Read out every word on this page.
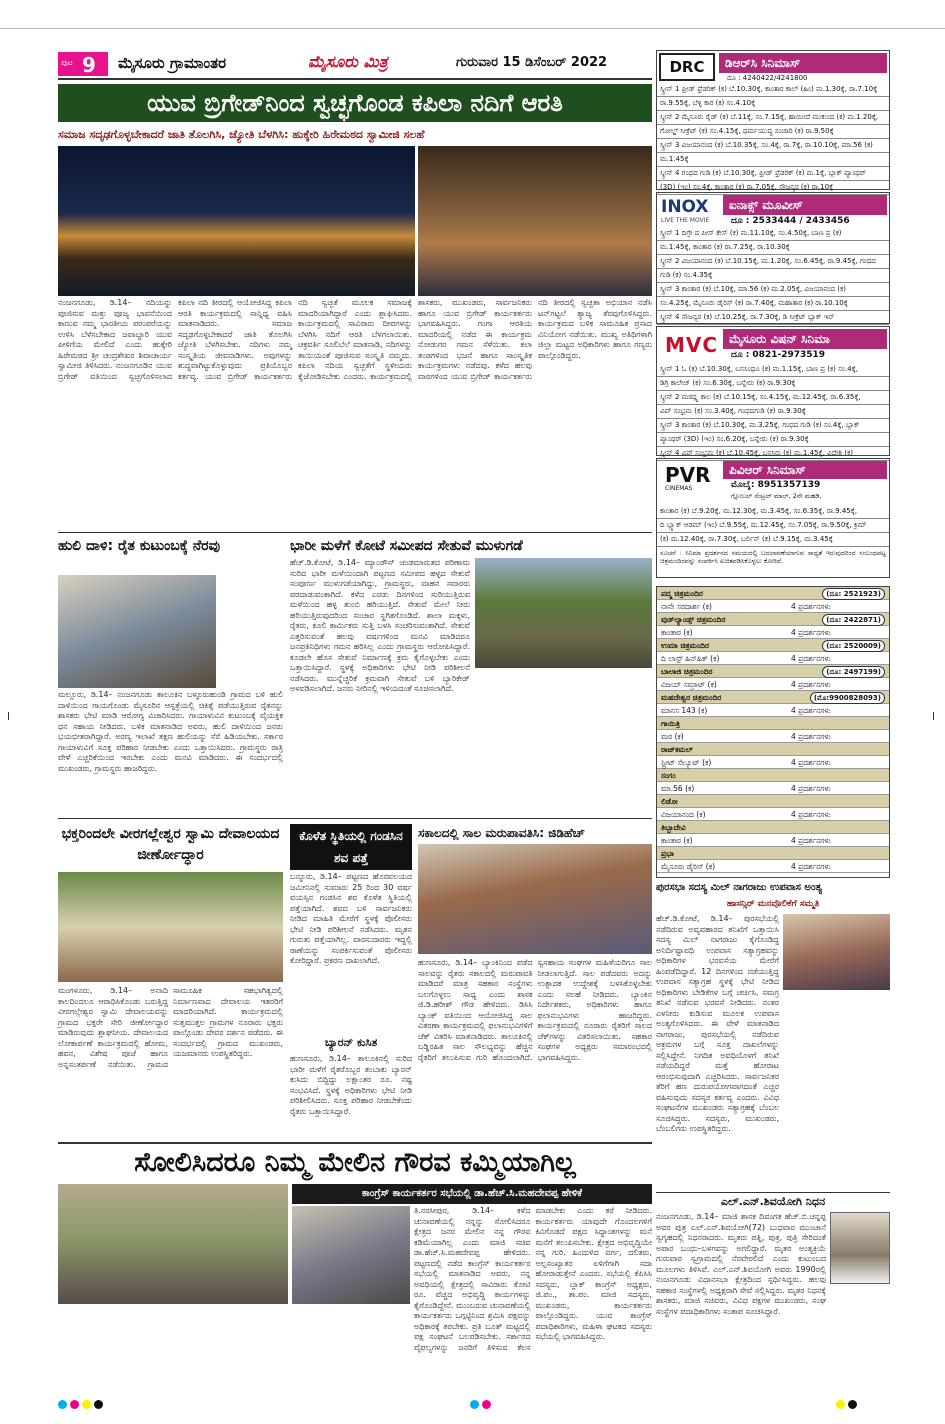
ಪುಟ 9 ಮೈಸೂರು ಗ್ರಾಮಾಂತರ	ಮೈಸೂರು ಮಿತ್ರ	ಗುರುವಾರ 15 ಡಿಸೆಂಬರ್ 2022
ಯುವ ಬ್ರಿಗೇಡ್‌ನಿಂದ ಸ್ವಚ್ಛಗೊಂಡ ಕಪಿಲಾ ನದಿಗೆ ಆರತಿ
ಸಮಾಜ ಸದೃಢಗೊಳ್ಳಬೇಕಾದರೆ ಜಾತಿ ತೊಲಗಿಸಿ, ಜ್ಯೋತಿ ಬೆಳಗಿಸಿ: ಹುಕ್ಕೇರಿ ಹಿರೇಮಠದ ಸ್ವಾಮೀಜಿ ಸಲಹೆ
ನಂಜನಗೂಡು, ಡಿ.14– ನದಿಯನ್ನು ಪೂಜಿಸುವ ಮತ್ತು ಪೂಜ್ಯ ಭಾವನೆಯಿಂದ ಕಾಣುವ ನಮ್ಮ ಭಾರತೀಯ ಪರಂಪರೆಯನ್ನು ಉಳಿಸಿ ಬೆಳೆಸಬೇಕಾದ ಜವಾಬ್ದಾರಿ ಯುವ ಪೀಳಿಗೆಯ ಮೇಲಿದೆ ಎಂದು ಹುಕ್ಕೇರಿ ಹಿರೇಮಠದ ಶ್ರೀ ಚಂದ್ರಶೇಖರ ಶಿವಾಚಾರ್ಯ ಸ್ವಾಮೀಜಿ ತಿಳಿಸಿದರು. ನಂಜನಗೂಡಿನ ಯುವ ಬ್ರಿಗೇಡ್ ವತಿಯಿಂದ ಸ್ವಚ್ಛಗೊಳಿಸಲಾದ ಕಪಿಲಾ ನದಿ ತೀರದಲ್ಲಿ ಆಯೋಜಿಸಿದ್ದ ಕಪಿಲಾ ಆರತಿ ಕಾರ್ಯಕ್ರಮದಲ್ಲಿ ಸಾನ್ನಿಧ್ಯ ವಹಿಸಿ ಮಾತನಾಡಿದರು. ಸಮಾಜ ಸದೃಢಗೊಳ್ಳಬೇಕಾದರೆ ಜಾತಿ ತೊಲಗಿಸಿ ಜ್ಯೋತಿ ಬೆಳಗಿಸಬೇಕು. ನದಿಗಳು ನಮ್ಮ ಸಂಸ್ಕೃತಿಯ ಜೀವನಾಡಿಗಳು. ಅವುಗಳನ್ನು ಶುದ್ಧವಾಗಿಟ್ಟುಕೊಳ್ಳುವುದು ಪ್ರತಿಯೊಬ್ಬರ ಕರ್ತವ್ಯ. ಯುವ ಬ್ರಿಗೇಡ್ ಕಾರ್ಯಕರ್ತರು ನದಿ ಸ್ವಚ್ಛತೆ ಮೂಲಕ ಸಮಾಜಕ್ಕೆ ಮಾದರಿಯಾಗಿದ್ದಾರೆ ಎಂದು ಶ್ಲಾಘಿಸಿದರು. ಕಾರ್ಯಕ್ರಮದಲ್ಲಿ ಸಾವಿರಾರು ದೀಪಗಳನ್ನು ಬೆಳಗಿಸಿ ನದಿಗೆ ಆರತಿ ಬೆಳಗಲಾಯಿತು. ಚಕ್ರವರ್ತಿ ಸೂಲಿಬೆಲೆ ಮಾತನಾಡಿ, ನದಿಗಳನ್ನು ತಾಯಿಯಂತೆ ಪೂಜಿಸುವ ಸಂಸ್ಕೃತಿ ನಮ್ಮದು. ಕಪಿಲಾ ನದಿಯ ಸ್ವಚ್ಛತೆಗೆ ಸ್ಥಳೀಯರು ಕೈಜೋಡಿಸಬೇಕು ಎಂದರು. ಕಾರ್ಯಕ್ರಮದಲ್ಲಿ ಶಾಸಕರು, ಮುಖಂಡರು, ಸಾರ್ವಜನಿಕರು ಹಾಗೂ ಯುವ ಬ್ರಿಗೇಡ್ ಕಾರ್ಯಕರ್ತರು ಭಾಗವಹಿಸಿದ್ದರು. ಗಂಗಾ ಆರತಿಯ ಮಾದರಿಯಲ್ಲಿ ನಡೆದ ಈ ಕಾರ್ಯಕ್ರಮ ನೋಡುಗರ ಗಮನ ಸೆಳೆಯಿತು. ಕಲಾ ತಂಡಗಳಿಂದ ಭಜನೆ ಹಾಗೂ ಸಾಂಸ್ಕೃತಿಕ ಕಾರ್ಯಕ್ರಮಗಳು ನಡೆದವು. ಕಳೆದ ಹಲವು ವಾರಗಳಿಂದ ಯುವ ಬ್ರಿಗೇಡ್ ಕಾರ್ಯಕರ್ತರು ನದಿ ತೀರದಲ್ಲಿ ಸ್ವಚ್ಛತಾ ಅಭಿಯಾನ ನಡೆಸಿ ಟನ್‌ಗಟ್ಟಲೆ ತ್ಯಾಜ್ಯ ತೆರವುಗೊಳಿಸಿದ್ದರು. ಕಾರ್ಯಕ್ರಮದ ಬಳಿಕ ಸಾಮೂಹಿಕ ಪ್ರಸಾದ ವಿನಿಯೋಗ ನಡೆಯಿತು. ಮುಖ್ಯ ಅತಿಥಿಗಳಾಗಿ ಜಿಲ್ಲಾ ಮಟ್ಟದ ಅಧಿಕಾರಿಗಳು ಹಾಗೂ ಗಣ್ಯರು ಪಾಲ್ಗೊಂಡಿದ್ದರು.
ಹುಲಿ ದಾಳಿ: ರೈತ ಕುಟುಂಬಕ್ಕೆ ನೆರವು
ಮಲ್ಲೂರು, ಡಿ.14– ನಂಜನಗೂಡು ತಾಲೂಕಿನ ಬಳ್ಳೂರುಹುಂಡಿ ಗ್ರಾಮದ ಬಳಿ ಹುಲಿ ದಾಳಿಯಿಂದ ಗಾಯಗೊಂಡು ಮೈಸೂರಿನ ಆಸ್ಪತ್ರೆಯಲ್ಲಿ ಚಿಕಿತ್ಸೆ ಪಡೆಯುತ್ತಿರುವ ರೈತನನ್ನು ಶಾಸಕರು ಭೇಟಿ ಮಾಡಿ ಆರೋಗ್ಯ ವಿಚಾರಿಸಿದರು. ಗಾಯಾಳುವಿನ ಕುಟುಂಬಕ್ಕೆ ವೈಯಕ್ತಿಕ ಧನ ಸಹಾಯ ನೀಡಿದರು. ಬಳಿಕ ಮಾತನಾಡಿದ ಅವರು, ಹುಲಿ ದಾಳಿಯಿಂದ ಜನರು ಭಯಭೀತರಾಗಿದ್ದಾರೆ. ಅರಣ್ಯ ಇಲಾಖೆ ತಕ್ಷಣ ಹುಲಿಯನ್ನು ಸೆರೆ ಹಿಡಿಯಬೇಕು. ಸರ್ಕಾರ ಗಾಯಾಳುವಿಗೆ ಸೂಕ್ತ ಪರಿಹಾರ ನೀಡಬೇಕು ಎಂದು ಒತ್ತಾಯಿಸಿದರು. ಗ್ರಾಮಸ್ಥರು ರಾತ್ರಿ ವೇಳೆ ಎಚ್ಚರಿಕೆಯಿಂದ ಇರಬೇಕು ಎಂದು ಮನವಿ ಮಾಡಿದರು. ಈ ಸಂದರ್ಭದಲ್ಲಿ ಮುಖಂಡರು, ಗ್ರಾಮಸ್ಥರು ಹಾಜರಿದ್ದರು.
ಭಾರೀ ಮಳೆಗೆ ಕೋಟೆ ಸಮೀಪದ ಸೇತುವೆ ಮುಳುಗಡೆ
ಹೆಚ್.ಡಿ.ಕೋಟೆ, ಡಿ.14– ಮ್ಯಾಂಡೌಸ್ ಚಂಡಮಾರುತದ ಪರಿಣಾಮ ಸುರಿದ ಭಾರೀ ಮಳೆಯಿಂದಾಗಿ ಪಟ್ಟಣದ ಸಮೀಪದ ಹಳ್ಳದ ಸೇತುವೆ ಸಂಪೂರ್ಣ ಮುಳುಗಡೆಯಾಗಿದ್ದು, ಗ್ರಾಮಸ್ಥರು, ವಾಹನ ಸವಾರರು ಪರದಾಡುವಂತಾಗಿದೆ. ಕಳೆದ ಎರಡು ದಿನಗಳಿಂದ ಸುರಿಯುತ್ತಿರುವ ಮಳೆಯಿಂದ ಹಳ್ಳ ತುಂಬಿ ಹರಿಯುತ್ತಿದೆ. ಸೇತುವೆ ಮೇಲೆ ನೀರು ಹರಿಯುತ್ತಿರುವುದರಿಂದ ಸಂಚಾರ ಸ್ಥಗಿತಗೊಂಡಿದೆ. ಶಾಲಾ ಮಕ್ಕಳು, ರೈತರು, ಕೂಲಿ ಕಾರ್ಮಿಕರು ಸುತ್ತಿ ಬಳಸಿ ಸಂಚರಿಸುವಂತಾಗಿದೆ. ಸೇತುವೆ ಎತ್ತರಿಸುವಂತೆ ಹಲವು ವರ್ಷಗಳಿಂದ ಮನವಿ ಮಾಡಿದರೂ ಜನಪ್ರತಿನಿಧಿಗಳು ಗಮನ ಹರಿಸಿಲ್ಲ ಎಂದು ಗ್ರಾಮಸ್ಥರು ಆರೋಪಿಸಿದ್ದಾರೆ. ಕೂಡಲೇ ಹೊಸ ಸೇತುವೆ ನಿರ್ಮಾಣಕ್ಕೆ ಕ್ರಮ ಕೈಗೊಳ್ಳಬೇಕು ಎಂದು ಒತ್ತಾಯಿಸಿದ್ದಾರೆ. ಸ್ಥಳಕ್ಕೆ ಅಧಿಕಾರಿಗಳು ಭೇಟಿ ನೀಡಿ ಪರಿಶೀಲನೆ ನಡೆಸಿದರು. ಮುನ್ನೆಚ್ಚರಿಕೆ ಕ್ರಮವಾಗಿ ಸೇತುವೆ ಬಳಿ ಬ್ಯಾರಿಕೇಡ್ ಅಳವಡಿಸಲಾಗಿದೆ. ಜನರು ನೀರಿನಲ್ಲಿ ಇಳಿಯದಂತೆ ಸೂಚಿಸಲಾಗಿದೆ.
ಭಕ್ತರಿಂದಲೇ ವೀರಗಲ್ಲೇಶ್ವರ ಸ್ವಾಮಿ ದೇವಾಲಯದ ಜೀರ್ಣೋದ್ಧಾರ
ಮಂಗಳೂರು, ಡಿ.14– ಅನಾದಿ ಕಾಲದಿಂದಲೂ ಆರಾಧಿಸಿಕೊಂಡು ಬರುತ್ತಿದ್ದ ವೀರಗಲ್ಲೇಶ್ವರ ಸ್ವಾಮಿ ದೇವಾಲಯವನ್ನು ಗ್ರಾಮದ ಭಕ್ತರೇ ಸೇರಿ ಜೀರ್ಣೋದ್ಧಾರ ಮಾಡಿರುವುದು ಶ್ಲಾಘನೀಯ. ದೇವಾಲಯದ ಲೋಕಾರ್ಪಣೆ ಕಾರ್ಯಕ್ರಮದಲ್ಲಿ ಹೋಮ, ಹವನ, ವಿಶೇಷ ಪೂಜೆ ಹಾಗೂ ಅನ್ನಸಂತರ್ಪಣೆ ನಡೆಯಿತು. ಗ್ರಾಮದ ಸಾಮೂಹಿಕ ಸಹಭಾಗಿತ್ವದಲ್ಲಿ ನಿರ್ಮಾಣವಾದ ದೇವಾಲಯ ಇತರರಿಗೆ ಮಾದರಿಯಾಗಿದೆ. ಕಾರ್ಯಕ್ರಮದಲ್ಲಿ ಸುತ್ತಮುತ್ತಲ ಗ್ರಾಮಗಳ ನೂರಾರು ಭಕ್ತರು ಪಾಲ್ಗೊಂಡು ದೇವರ ದರ್ಶನ ಪಡೆದರು. ಈ ಸಂದರ್ಭದಲ್ಲಿ ಗ್ರಾಮದ ಮುಖಂಡರು, ಯಜಮಾನರು ಉಪಸ್ಥಿತರಿದ್ದರು.
ಕೊಳೆತ ಸ್ಥಿತಿಯಲ್ಲಿ ಗಂಡಸಿನ ಶವ ಪತ್ತೆ
ಬನ್ನೂರು, ಡಿ.14– ಪಟ್ಟಣದ ಹೊರವಲಯದ ಜಮೀನಿನಲ್ಲಿ ಸುಮಾರು 25 ರಿಂದ 30 ವರ್ಷ ವಯಸ್ಸಿನ ಗಂಡಸಿನ ಶವ ಕೊಳೆತ ಸ್ಥಿತಿಯಲ್ಲಿ ಪತ್ತೆಯಾಗಿದೆ. ಶವದ ಬಳಿ ಸಾರ್ವಜನಿಕರು ನೀಡಿದ ಮಾಹಿತಿ ಮೇರೆಗೆ ಸ್ಥಳಕ್ಕೆ ಪೊಲೀಸರು ಭೇಟಿ ನೀಡಿ ಪರಿಶೀಲನೆ ನಡೆಸಿದರು. ಮೃತನ ಗುರುತು ಪತ್ತೆಯಾಗಿಲ್ಲ. ವಾರಸುದಾರರು ಇದ್ದಲ್ಲಿ ಠಾಣೆಯನ್ನು ಸಂಪರ್ಕಿಸುವಂತೆ ಪೊಲೀಸರು ಕೋರಿದ್ದಾರೆ. ಪ್ರಕರಣ ದಾಖಲಾಗಿದೆ.
ಬ್ಯಾರನ್ ಕುಸಿತ
ಹುಣಸೂರು, ಡಿ.14– ತಾಲೂಕಿನಲ್ಲಿ ಸುರಿದ ಭಾರೀ ಮಳೆಗೆ ರೈತರೊಬ್ಬರ ತಂಬಾಕು ಬ್ಯಾರನ್ ಕುಸಿದು ಬಿದ್ದಿದ್ದು ಲಕ್ಷಾಂತರ ರೂ. ನಷ್ಟ ಸಂಭವಿಸಿದೆ. ಸ್ಥಳಕ್ಕೆ ಅಧಿಕಾರಿಗಳು ಭೇಟಿ ನೀಡಿ ಪರಿಶೀಲಿಸಿದರು. ಸೂಕ್ತ ಪರಿಹಾರ ನೀಡಬೇಕೆಂದು ರೈತರು ಒತ್ತಾಯಿಸಿದ್ದಾರೆ.
ಸಕಾಲದಲ್ಲಿ ಸಾಲ ಮರುಪಾವತಿಸಿ: ಜಿಡಿಹೆಚ್
ಹುಣಸೂರು, ಡಿ.14– ಬ್ಯಾಂಕಿನಿಂದ ಪಡೆದ ಸಾಲವನ್ನು ರೈತರು ಸಕಾಲದಲ್ಲಿ ಮರುಪಾವತಿ ಮಾಡಿದರೆ ಮಾತ್ರ ಸಹಕಾರ ಸಂಸ್ಥೆಗಳು ಬಲಗೊಳ್ಳಲು ಸಾಧ್ಯ ಎಂದು ಶಾಸಕ ಜಿ.ಡಿ.ಹರೀಶ್ ಗೌಡ ಹೇಳಿದರು. ಡಿಸಿಸಿ ಬ್ಯಾಂಕ್ ವತಿಯಿಂದ ಆಯೋಜಿಸಿದ್ದ ಸಾಲ ವಿತರಣಾ ಕಾರ್ಯಕ್ರಮದಲ್ಲಿ ಫಲಾನುಭವಿಗಳಿಗೆ ಚೆಕ್ ವಿತರಿಸಿ ಮಾತನಾಡಿದರು. ತಾಲೂಕಿನಲ್ಲಿ ಬಡ್ಡಿರಹಿತ ಸಾಲ ಸೌಲಭ್ಯವನ್ನು ಹೆಚ್ಚಿನ ರೈತರಿಗೆ ತಲುಪಿಸುವ ಗುರಿ ಹೊಂದಲಾಗಿದೆ. ಸ್ವಸಹಾಯ ಸಂಘಗಳ ಮಹಿಳೆಯರಿಗೂ ಸಾಲ ನೀಡಲಾಗುತ್ತಿದೆ. ಸಾಲ ಪಡೆದವರು ಅದನ್ನು ಉತ್ಪಾದಕ ಉದ್ದೇಶಕ್ಕೆ ಬಳಸಿಕೊಳ್ಳಬೇಕು ಎಂದು ಸಲಹೆ ನೀಡಿದರು. ಬ್ಯಾಂಕಿನ ನಿರ್ದೇಶಕರು, ಅಧಿಕಾರಿಗಳು ಹಾಗೂ ಫಲಾನುಭವಿಗಳು ಹಾಜರಿದ್ದರು. ಕಾರ್ಯಕ್ರಮದಲ್ಲಿ ನೂರಾರು ರೈತರಿಗೆ ಸಾಲದ ಚೆಕ್‌ಗಳನ್ನು ವಿತರಿಸಲಾಯಿತು. ಸಹಕಾರ ಸಂಘಗಳ ಅಧ್ಯಕ್ಷರು ಸಮಾರಂಭದಲ್ಲಿ ಭಾಗವಹಿಸಿದ್ದರು.
ಸೋಲಿಸಿದರೂ ನಿಮ್ಮ ಮೇಲಿನ ಗೌರವ ಕಮ್ಮಿಯಾಗಿಲ್ಲ
ಕಾಂಗ್ರೆಸ್ ಕಾರ್ಯಕರ್ತರ ಸಭೆಯಲ್ಲಿ ಡಾ.ಹೆಚ್.ಸಿ.ಮಹದೇವಪ್ಪ ಹೇಳಿಕೆ
ತಿ.ನರಸೀಪುರ, ಡಿ.14– ಕಳೆದ ಚುನಾವಣೆಯಲ್ಲಿ ನನ್ನನ್ನು ಸೋಲಿಸಿದರೂ ಕ್ಷೇತ್ರದ ಜನರ ಮೇಲಿನ ನನ್ನ ಗೌರವ ಕಡಿಮೆಯಾಗಿಲ್ಲ ಎಂದು ಮಾಜಿ ಸಚಿವ ಡಾ.ಹೆಚ್.ಸಿ.ಮಹದೇವಪ್ಪ ಹೇಳಿದರು. ಪಟ್ಟಣದಲ್ಲಿ ನಡೆದ ಕಾಂಗ್ರೆಸ್ ಕಾರ್ಯಕರ್ತರ ಸಭೆಯಲ್ಲಿ ಮಾತನಾಡಿದ ಅವರು, ನನ್ನ ಅವಧಿಯಲ್ಲಿ ಕ್ಷೇತ್ರದಲ್ಲಿ ಸಾವಿರಾರು ಕೋಟಿ ರೂ. ವೆಚ್ಚದ ಅಭಿವೃದ್ಧಿ ಕಾರ್ಯಗಳನ್ನು ಕೈಗೊಂಡಿದ್ದೇನೆ. ಮುಂಬರುವ ಚುನಾವಣೆಯಲ್ಲಿ ಕಾರ್ಯಕರ್ತರು ಒಗ್ಗಟ್ಟಿನಿಂದ ಶ್ರಮಿಸಿ ಪಕ್ಷವನ್ನು ಅಧಿಕಾರಕ್ಕೆ ತರಬೇಕು. ಪ್ರತಿ ಬೂತ್ ಮಟ್ಟದಲ್ಲಿ ಪಕ್ಷ ಸಂಘಟನೆ ಬಲಪಡಿಸಬೇಕು. ಸರ್ಕಾರದ ವೈಫಲ್ಯಗಳನ್ನು ಜನರಿಗೆ ತಿಳಿಸುವ ಕೆಲಸ ಮಾಡಬೇಕು ಎಂದು ಕರೆ ನೀಡಿದರು. ಕಾರ್ಯಕರ್ತರು ಯಾವುದೇ ಗೊಂದಲಗಳಿಗೆ ಕಿವಿಗೊಡದೆ ಪಕ್ಷದ ಸಿದ್ಧಾಂತಗಳನ್ನು ಮನೆ ಮನೆಗೆ ತಲುಪಿಸಬೇಕು. ಕ್ಷೇತ್ರದ ಅಭಿವೃದ್ಧಿಯೇ ನನ್ನ ಗುರಿ. ಹಿಂದುಳಿದ ವರ್ಗ, ದಲಿತರು, ಅಲ್ಪಸಂಖ್ಯಾತರ ಏಳಿಗೆಗಾಗಿ ಸದಾ ಹೋರಾಡುತ್ತೇನೆ ಎಂದರು. ಸಭೆಯಲ್ಲಿ ಕೆಪಿಸಿಸಿ ಸದಸ್ಯರು, ಬ್ಲಾಕ್ ಕಾಂಗ್ರೆಸ್ ಅಧ್ಯಕ್ಷರು, ಜಿ.ಪಂ., ತಾ.ಪಂ. ಮಾಜಿ ಸದಸ್ಯರು, ಮುಖಂಡರು, ಕಾರ್ಯಕರ್ತರು ಪಾಲ್ಗೊಂಡಿದ್ದರು. ಯುವ ಕಾಂಗ್ರೆಸ್ ಪದಾಧಿಕಾರಿಗಳು, ಮಹಿಳಾ ಘಟಕದ ಸದಸ್ಯರು ಸಭೆಯಲ್ಲಿ ಭಾಗವಹಿಸಿದ್ದರು.
DRC	ಡಿಆರ್‌ಸಿ ಸಿನಿಮಾಸ್
ದೂ : 4240422/4241800
ಸ್ಕ್ರೀನ್ 1 ಫ್ರೀಡ್ ಫ್ರೆಡರಿಕ್ (ಕ) ಬೆ.10.30ಕ್ಕೆ, ಕಾಂತಾರ ಕಾಲ್ (ಹಿಂ) ಮ.1.30ಕ್ಕೆ, ರಾ.7.10ಕ್ಕೆ
ರಾ.9.55ಕ್ಕೆ, ಬೆಳ್ಳಿ ಕಾರ (ಕ) ಸಂ.4.10ಕ್ಕೆ
ಸ್ಕ್ರೀನ್ 2 ಮೈಸೂರು ರೈಡ್ (ಕ) ಬೆ.11ಕ್ಕೆ, ಸಂ.7.15ಕ್ಕೆ, ಹಾಯೀದೆ ಮುಕುಂದ (ಕ) ಮ.1.20ಕ್ಕೆ,
ಗೋಲ್ಡ್ ಸೀಕ್ರೆಟ್ (ಕ) ಸಂ.4.15ಕ್ಕೆ, ಧರ್ಮಯುದ್ಧ ಸಂಚಾರಿ (ಕ) ರಾ.9.50ಕ್ಕೆ
ಸ್ಕ್ರೀನ್ 3 ವಿಜಯಾನಂದ (ಕ) ಬೆ.10.35ಕ್ಕೆ, ಸಂ.4ಕ್ಕೆ, ರಾ.7ಕ್ಕೆ, ರಾ.10.10ಕ್ಕೆ, ಮಾ.56 (ಕ)
ಮ.1.45ಕ್ಕೆ
ಸ್ಕ್ರೀನ್ 4 ಗಂಧದ ಗುಡಿ (ಕ) ಬೆ.10.30ಕ್ಕೆ, ಫ್ರೀಡ್ ಫ್ರೆಡರಿಕ್ (ಕ) ಮ.1ಕ್ಕೆ, ಬ್ಲಾಕ್ ಪ್ಯಾಂಥರ್
(3D) (ಇಂ) ಸಂ.4ಕ್ಕೆ, ಕಾಂತಾರ (ಕ) ರಾ.7.05ಕ್ಕೆ, ಸೌಜನ್ಯರ (ಕ) ರಾ.10ಕ್ಕೆ
INOX
LIVE THE MOVIE
ಐನಾಕ್ಸ್ ಮೂವೀಸ್
ದೂ : 2533444 / 2433456
ಸ್ಕ್ರೀನ್ 1 ದಿಗ್ರೇ ದ ಪೀಸ್ ಕೇಸ್ (ಕ) ಮ.11.10ಕ್ಕೆ, ಸಂ.4.50ಕ್ಕೆ, ಬಾಣ ಪ್ರ (ಕ)
ಮ.1.45ಕ್ಕೆ, ಕಾಂತಾರ (ಕ) ರಾ.7.25ಕ್ಕೆ, ರಾ.10.30ಕ್ಕೆ
ಸ್ಕ್ರೀನ್ 2 ವಿಜಯಾನಂದ (ಕ) ಬೆ.10.15ಕ್ಕೆ, ಮ.1.20ಕ್ಕೆ, ಸಂ.6.45ಕ್ಕೆ, ರಾ.9.45ಕ್ಕೆ, ಗಂಧದ
ಗುಡಿ (ಕ) ಸಂ.4.35ಕ್ಕೆ
ಸ್ಕ್ರೀನ್ 3 ಕಾಂತಾರ (ಕ) ಬೆ.10ಕ್ಕೆ, ಮಾ.56 (ಕ) ಮ.2.05ಕ್ಕೆ, ವಿಜಯಾನಂದ (ಕ)
ಸಂ.4.25ಕ್ಕೆ, ಮೈಸೂರು ಡೈರಿಸ್ (ಕ) ರಾ.7.40ಕ್ಕೆ, ಮಹಾತಾರ (ಕ) ರಾ.10.10ಕ್ಕೆ
ಸ್ಕ್ರೀನ್ 4 ಸೌಜನ್ಯರ (ಕ) ಬೆ.10.25ಕ್ಕೆ, ರಾ.7.30ಕ್ಕೆ, ಡಿ ಸೀಕ್ರೆಟ್ ಬ್ಲಾಕ್ ಇನ್
MVC ಮೈಸೂರು ವಿಷನ್ ಸಿನಿಮಾ
ದೂ : 0821-2973519
ಸ್ಕ್ರೀನ್ 1 ಓ (ಕ) ಬೆ.10.30ಕ್ಕೆ, ಬನಸಿಂಧೂ (ಕ) ಮ.1.15ಕ್ಕೆ, ಬಾಣ ಪ್ರ (ಕ) ಸಂ.4ಕ್ಕೆ,
ಡಿಗ್ರಿ ಕಾಲೇಜ್ (ಕ) ಸಂ.6.30ಕ್ಕೆ, ಬನ್ನೇರು (ಕ) ರಾ.9.30ಕ್ಕೆ
ಸ್ಕ್ರೀನ್ 2 ಮಠದ್ಲ್ಪ ಕಾಲ (ಕ) ಬೆ.10.15ಕ್ಕೆ, ಸಂ.4.15ಕ್ಕೆ, ಮ.12.45ಕ್ಕೆ, ರಾ.6.35ಕ್ಕೆ,
ವಿಪ್ ಸಂಭ್ರಮ (ಕ) ಸಂ.3.40ಕ್ಕೆ, ಗಂಧದಗುಡಿ (ಕ) ರಾ.9.30ಕ್ಕೆ
ಸ್ಕ್ರೀನ್ 3 ಕಾಂತಾರ (ಕ) ಬೆ.10.30ಕ್ಕೆ, ಮ.3.25ಕ್ಕೆ, ಗಂಧದ ಗುಡಿ (ಕ) ಸಂ.4ಕ್ಕೆ, ಬ್ಲಾಕ್
ಪ್ಯಾಂಥರ್ (3D) (ಇಂ) ಸಂ.6.20ಕ್ಕೆ, ಬನ್ನೇರು (ಕ) ರಾ.9.30ಕ್ಕೆ
ಸ್ಕ್ರೀನ್ 4 ವಿಪ್ ಸಂಭ್ರಮ (ಕ) ಬೆ.10.45ಕ್ಕೆ, ಬನಸಿರು (ಕ) ಮ.1.45ಕ್ಕೆ, ವಿದೇಶಿ (ಕ)
PVR
CINEMAS
ಪಿವಿಆರ್ ಸಿನಿಮಾಸ್
ಮೊಬೈ: 8951357139
ಗ್ಲೋಬಲ್ ಸೆಂಟ್ರಲ್ ಮಾಲ್, 2ನೇ ಮಹಡಿ,
ಕಾಂತಾರ (ಕ) ಬೆ.9.20ಕ್ಕೆ, ಮ.12.30ಕ್ಕೆ, ಮ.3.45ಕ್ಕೆ, ಸಂ.6.35ಕ್ಕೆ, ರಾ.9.45ಕ್ಕೆ,
ದಿ ಬ್ಲ್ಯಾಕ್ ಆಡಮ್ (ಇಂ) ಬೆ.9.55ಕ್ಕೆ, ಮ.12.45ಕ್ಕೆ, ಸಂ.7.05ಕ್ಕೆ, ರಾ.9.50ಕ್ಕೆ, ಕ್ರಿಮ್
(ಕ) ಮ.12.40ಕ್ಕೆ, ರಾ.7.30ಕ್ಕೆ, ಬರ್ಲಿನ್ (ಕ) ಬೆ.9.15ಕ್ಕೆ, ಮ.3.45ಕ್ಕೆ
ಸೂಚನೆ : ಸಿನಿಮಾ ಪ್ರದರ್ಶನದ ಸಮಯದಲ್ಲಿ ಬದಲಾವಣೆಯಾಗುವ ಸಾಧ್ಯತೆ ಇರುವುದರಿಂದ ಸಂಬಂಧಪಟ್ಟ ಚಿತ್ರಮಂದಿರವನ್ನು ಸಂಪರ್ಕಿಸಿ ಖಚಿತಪಡಿಸಿಕೊಳ್ಳಲು ಕೋರಿದೆ.
ಪದ್ಮ ಚಿತ್ರಮಂದಿರ	(ದೂ: 2521923)
ನಾನೇ ಸರದಾರ್ಶ (ಕ)	4 ಪ್ರದರ್ಶನಗಳು
ವುಡ್‌ಲ್ಯಾಂಡ್ಸ್ ಚಿತ್ರಮಂದಿರ	(ದೂ: 2422871)
ಕಾಂತಾರ (ಕ)	4 ಪ್ರದರ್ಶನಗಳು
ಉಮಾ ಚಿತ್ರಮಂದಿರ	(ದೂ: 2520009)
ದಿ ಲಾಸ್ಟ್ ಹಿನ್‌ಹಿಕ್ (ಕ)	4 ಪ್ರದರ್ಶನಗಳು
ಬಾಲಾಜಿ ಚಿತ್ರಮಂದಿರ	(ದೂ: 2497199)
ವಿಜಯ್ ಸಮ್ರಾಟ್ (ಕ)	4 ಪ್ರದರ್ಶನಗಳು
ಮಹದೇಶ್ವರ ಚಿತ್ರಮಂದಿರ	(ಮೊ:9900828093)
ಮಾನಸ 143 (ಕ)	4 ಪ್ರದರ್ಶನಗಳು
ಗಾಯಿತ್ರಿ
ಮಠ (ಕ)	4 ಪ್ರದರ್ಶನಗಳು
ರಾಜ್‌ಕಮಲ್
ಸ್ಟ್ರೀಟ್ ಸೆಲ್ಯೂಟ್ (ಕ)	4 ಪ್ರದರ್ಶನಗಳು
ಸಂಗಂ
ಮಾ.56 (ಕ)	4 ಪ್ರದರ್ಶನಗಳು
ಲಿಡೋ
ವಿಜಯಾನಂದ (ಕ)	4 ಪ್ರದರ್ಶನಗಳು
ತಿಬ್ಬಾದೇವಿ
ಕಾಂತಾರ (ಕ)	4 ಪ್ರದರ್ಶನಗಳು
ಪ್ರಭಾ
ಮೈಸೂರು ಡೈರಿಸ್ (ಕ)	4 ಪ್ರದರ್ಶನಗಳು
ಪುರಸಭಾ ಸದಸ್ಯ ಮಿಲ್ ನಾಗರಾಜು ಉಪವಾಸ ಅಂತ್ಯ
ಹಾಸನ್ಸಿರ್ ಮನವೊಲಿಕೆಗೆ ಸಮ್ಮತಿ
ಹೆಚ್.ಡಿ.ಕೋಟೆ, ಡಿ.14– ಪುರಸಭೆಯಲ್ಲಿ ನಡೆದಿರುವ ಅವ್ಯವಹಾರದ ತನಿಖೆಗೆ ಒತ್ತಾಯಿಸಿ ಸದಸ್ಯ ಮಿಲ್ ನಾಗರಾಜು ಕೈಗೊಂಡಿದ್ದ ಅನಿರ್ದಿಷ್ಟಾವಧಿ ಉಪವಾಸ ಸತ್ಯಾಗ್ರಹವನ್ನು ಅಧಿಕಾರಿಗಳ ಭರವಸೆಯ ಮೇರೆಗೆ ಹಿಂಪಡೆದಿದ್ದಾರೆ. 12 ದಿನಗಳಿಂದ ನಡೆಯುತ್ತಿದ್ದ ಉಪವಾಸ ಸತ್ಯಾಗ್ರಹ ಸ್ಥಳಕ್ಕೆ ಭೇಟಿ ನೀಡಿದ ಅಧಿಕಾರಿಗಳು ಬೇಡಿಕೆಗಳ ಬಗ್ಗೆ ಚರ್ಚಿಸಿ, ಸಮಗ್ರ ತನಿಖೆ ನಡೆಸುವ ಭರವಸೆ ನೀಡಿದರು. ನಂತರ ಎಳನೀರು ಕುಡಿಸುವ ಮೂಲಕ ಉಪವಾಸ ಅಂತ್ಯಗೊಳಿಸಿದರು. ಈ ವೇಳೆ ಮಾತನಾಡಿದ ನಾಗರಾಜು, ಪುರಸಭೆಯಲ್ಲಿ ನಡೆದಿರುವ ಅಕ್ರಮಗಳ ಬಗ್ಗೆ ಸೂಕ್ತ ದಾಖಲೆಗಳನ್ನು ಸಲ್ಲಿಸಿದ್ದೇನೆ. ನಿಗದಿತ ಅವಧಿಯೊಳಗೆ ತನಿಖೆ ನಡೆಯದಿದ್ದರೆ ಮತ್ತೆ ಹೋರಾಟ ಆರಂಭಿಸುವುದಾಗಿ ಎಚ್ಚರಿಸಿದರು. ಸಾರ್ವಜನಿಕರ ತೆರಿಗೆ ಹಣ ದುರುಪಯೋಗವಾಗದಂತೆ ಎಚ್ಚರ ವಹಿಸುವುದು ಸದಸ್ಯರ ಕರ್ತವ್ಯ ಎಂದರು. ವಿವಿಧ ಸಂಘಟನೆಗಳ ಮುಖಂಡರು ಸತ್ಯಾಗ್ರಹಕ್ಕೆ ಬೆಂಬಲ ಸೂಚಿಸಿದ್ದರು. ಸದಸ್ಯರು, ಮುಖಂಡರು, ಬೆಂಬಲಿಗರು ಉಪಸ್ಥಿತರಿದ್ದರು.
ಎಲ್.ಎನ್.ಶಿವಯೋಗಿ ನಿಧನ
ನಂಜನಗೂಡು, ಡಿ.14– ಮಾಜಿ ಶಾಸಕ ದಿವಂಗತ ಹೆಚ್.ಬಿ.ಚನ್ನಪ್ಪ ಅವರ ಪುತ್ರ ಎಲ್.ಎನ್.ಶಿವಯೋಗಿ(72) ಬುಧವಾರ ಮುಂಜಾನೆ ಸ್ವಗೃಹದಲ್ಲಿ ನಿಧನರಾದರು. ಮೃತರು ಪತ್ನಿ, ಪುತ್ರ, ಪುತ್ರಿ ಸೇರಿದಂತೆ ಅಪಾರ ಬಂಧು–ಬಳಗವನ್ನು ಅಗಲಿದ್ದಾರೆ. ಮೃತರ ಅಂತ್ಯಕ್ರಿಯೆ ಗುರುವಾರ ಸ್ವಗ್ರಾಮದಲ್ಲಿ ನೆರವೇರಲಿದೆ ಎಂದು ಕುಟುಂಬದ ಮೂಲಗಳು ತಿಳಿಸಿವೆ. ಎಲ್.ಎನ್.ಶಿವಯೋಗಿ ಅವರು 1990ರಲ್ಲಿ ನಂಜನಗೂಡು ವಿಧಾನಸಭಾ ಕ್ಷೇತ್ರದಿಂದ ಸ್ಪರ್ಧಿಸಿದ್ದರು. ಹಲವು ಸಹಕಾರ ಸಂಸ್ಥೆಗಳಲ್ಲಿ ಅಧ್ಯಕ್ಷರಾಗಿ ಸೇವೆ ಸಲ್ಲಿಸಿದ್ದರು. ಮೃತರ ನಿಧನಕ್ಕೆ ಶಾಸಕರು, ಮಾಜಿ ಸಚಿವರು, ವಿವಿಧ ಪಕ್ಷಗಳ ಮುಖಂಡರು, ಸಂಘ ಸಂಸ್ಥೆಗಳ ಪದಾಧಿಕಾರಿಗಳು ಸಂತಾಪ ಸೂಚಿಸಿದ್ದಾರೆ.
